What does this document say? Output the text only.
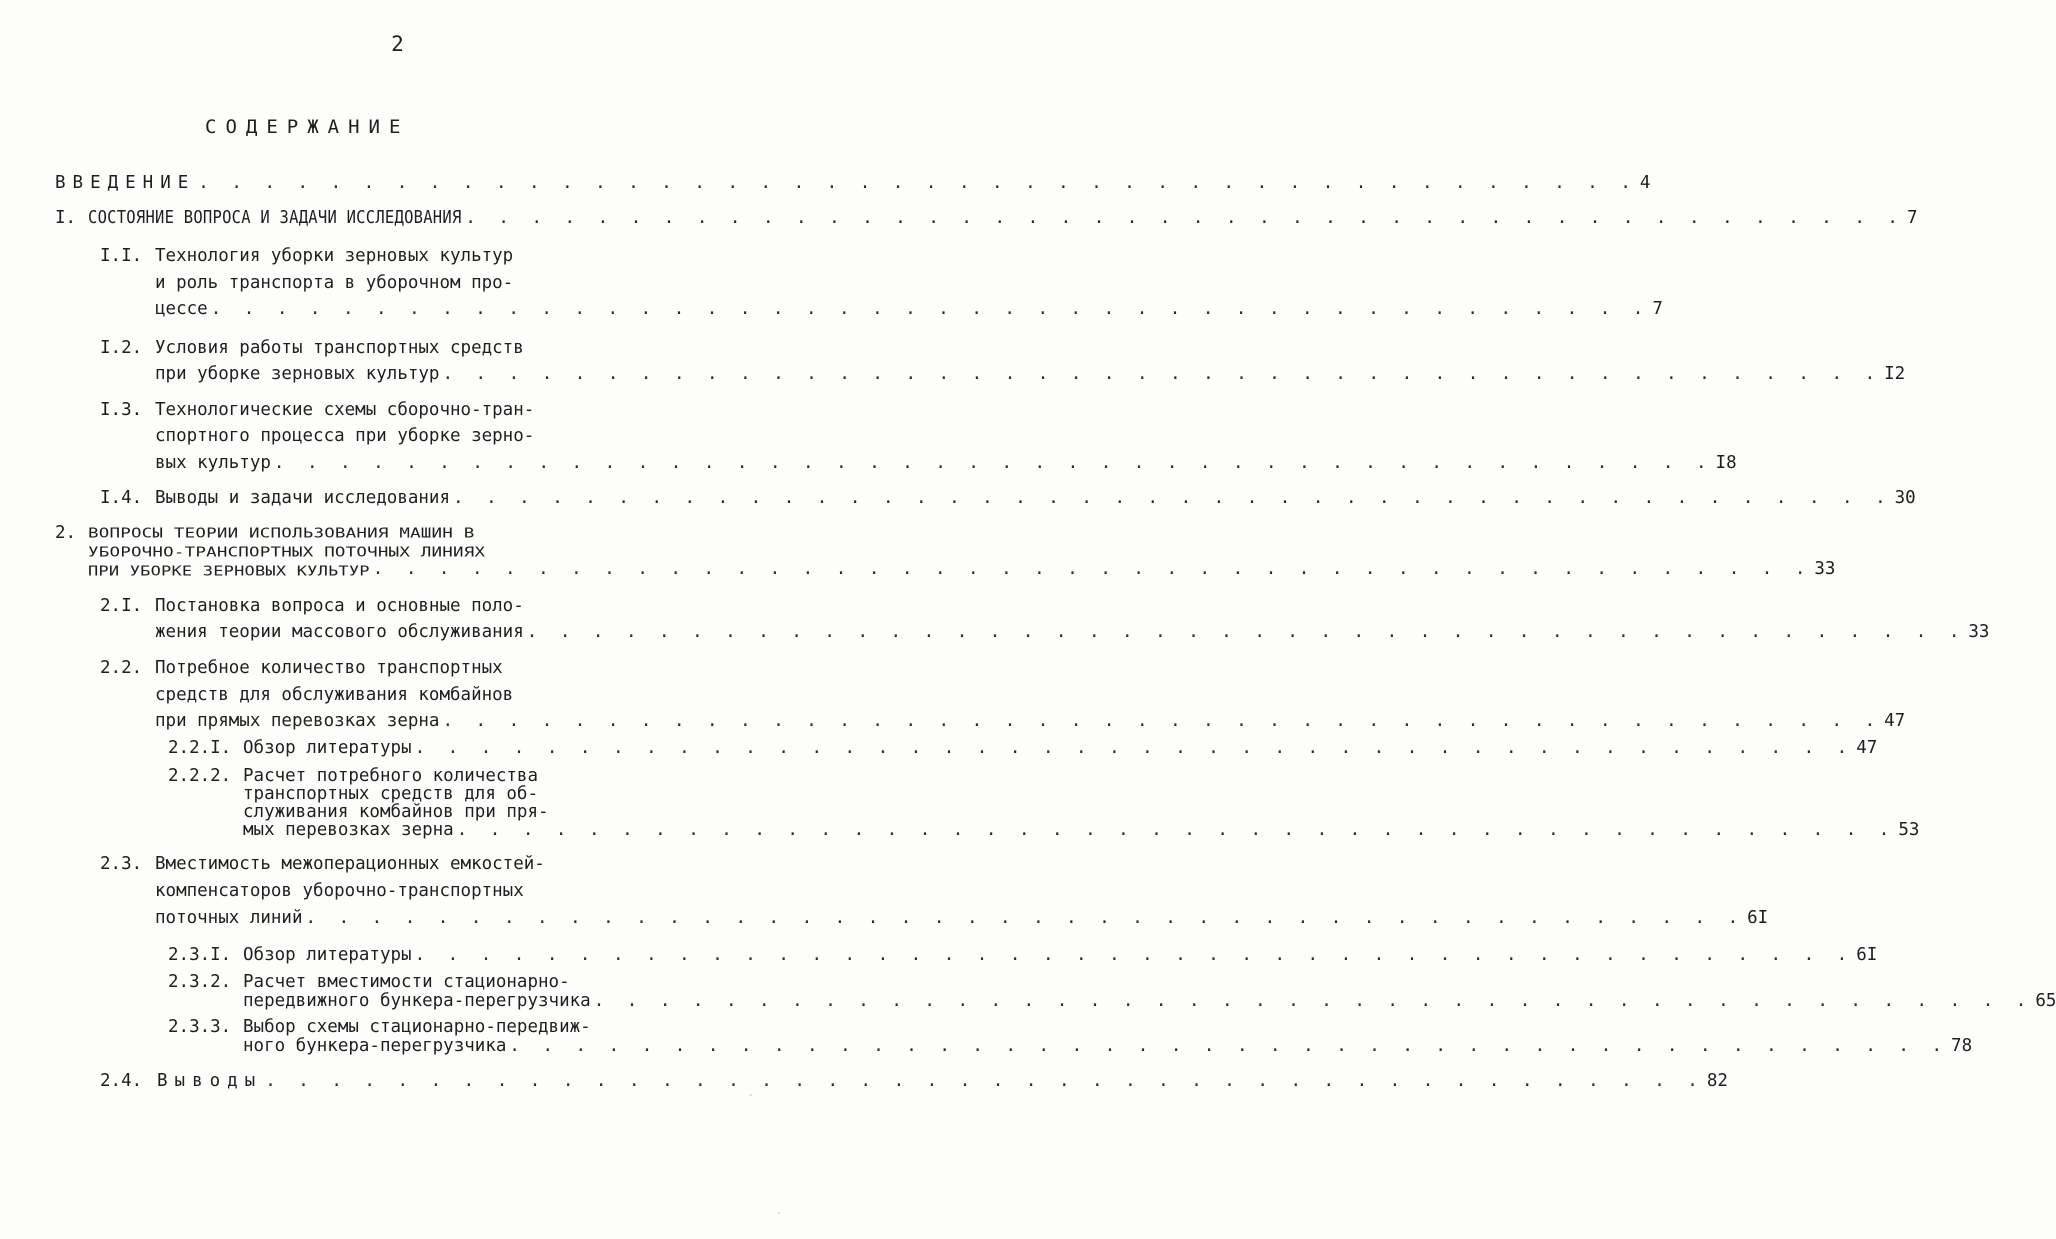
2
СОДЕРЖАНИЕ
ВВЕДЕНИЕ . . . . . . . . . . . . . . . . . . . . . . . . . . . . . . . . . . . . . . . . . . . . 4
I. СОСТОЯНИЕ ВОПРОСА И ЗАДАЧИ ИССЛЕДОВАНИЯ . . . . . . . . . . . . . . . . . . . . . . . . . . . . . . . . . . . . . . . . . . . . 7
I.I. Технология уборки зерновых культур
и роль транспорта в уборочном про-
цессе . . . . . . . . . . . . . . . . . . . . . . . . . . . . . . . . . . . . . . . . . . . . 7
I.2. Условия работы транспортных средств
при уборке зерновых культур . . . . . . . . . . . . . . . . . . . . . . . . . . . . . . . . . . . . . . . . . . . . I2
I.3. Технологические схемы сборочно-тран-
спортного процесса при уборке зерно-
вых культур . . . . . . . . . . . . . . . . . . . . . . . . . . . . . . . . . . . . . . . . . . . . I8
I.4. Выводы и задачи исследования . . . . . . . . . . . . . . . . . . . . . . . . . . . . . . . . . . . . . . . . . . . . 30
2. ВОПРОСЫ ТЕОРИИ ИСПОЛЬЗОВАНИЯ МАШИН В
УБОРОЧНО-ТРАНСПОРТНЫХ ПОТОЧНЫХ ЛИНИЯХ
ПРИ УБОРКЕ ЗЕРНОВЫХ КУЛЬТУР . . . . . . . . . . . . . . . . . . . . . . . . . . . . . . . . . . . . . . . . . . . . 33
2.I. Постановка вопроса и основные поло-
жения теории массового обслуживания . . . . . . . . . . . . . . . . . . . . . . . . . . . . . . . . . . . . . . . . . . . . 33
2.2. Потребное количество транспортных
средств для обслуживания комбайнов
при прямых перевозках зерна . . . . . . . . . . . . . . . . . . . . . . . . . . . . . . . . . . . . . . . . . . . . 47
2.2.I. Обзор литературы . . . . . . . . . . . . . . . . . . . . . . . . . . . . . . . . . . . . . . . . . . . . 47
2.2.2. Расчет потребного количества
транспортных средств для об-
служивания комбайнов при пря-
мых перевозках зерна . . . . . . . . . . . . . . . . . . . . . . . . . . . . . . . . . . . . . . . . . . . . 53
2.3. Вместимость межоперационных емкостей-
компенсаторов уборочно-транспортных
поточных линий . . . . . . . . . . . . . . . . . . . . . . . . . . . . . . . . . . . . . . . . . . . . 6I
2.3.I. Обзор литературы . . . . . . . . . . . . . . . . . . . . . . . . . . . . . . . . . . . . . . . . . . . . 6I
2.3.2. Расчет вместимости стационарно-
передвижного бункера-перегрузчика . . . . . . . . . . . . . . . . . . . . . . . . . . . . . . . . . . . . . . . . . . . . 65
2.3.3. Выбор схемы стационарно-передвиж-
ного бункера-перегрузчика . . . . . . . . . . . . . . . . . . . . . . . . . . . . . . . . . . . . . . . . . . . . 78
2.4. Выводы . . . . . . . . . . . . . . . . . . . . . . . . . . . . . . . . . . . . . . . . . . . . 82
ˊ
ˊ
